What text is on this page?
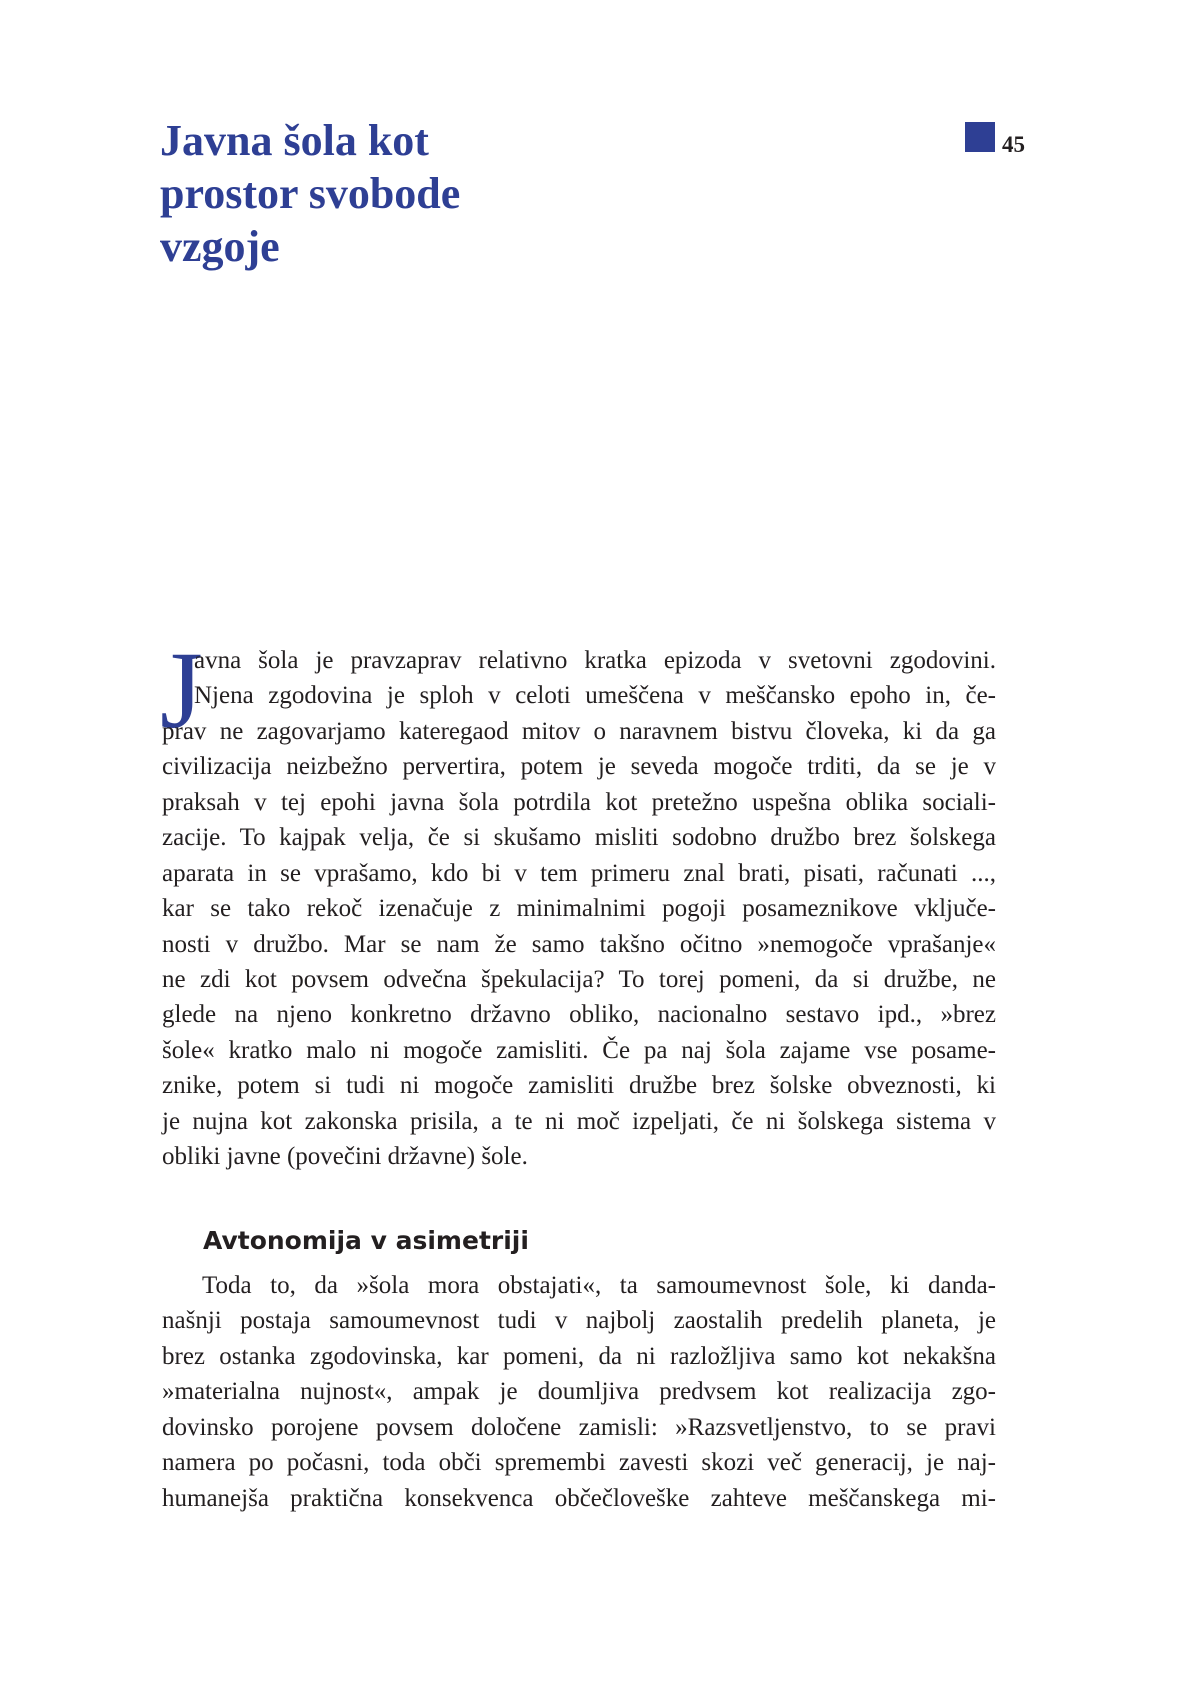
Javna šola kot
prostor svobode
vzgoje
45
J
avna šola je pravzaprav relativno kratka epizoda v svetovni zgodovini.
Njena zgodovina je sploh v celoti umeščena v meščansko epoho in, če-
prav ne zagovarjamo kateregaod mitov o naravnem bistvu človeka, ki da ga
civilizacija neizbežno pervertira, potem je seveda mogoče trditi, da se je v
praksah v tej epohi javna šola potrdila kot pretežno uspešna oblika sociali-
zacije. To kajpak velja, če si skušamo misliti sodobno družbo brez šolskega
aparata in se vprašamo, kdo bi v tem primeru znal brati, pisati, računati ...,
kar se tako rekoč izenačuje z minimalnimi pogoji posameznikove vključe-
nosti v družbo. Mar se nam že samo takšno očitno »nemogoče vprašanje«
ne zdi kot povsem odvečna špekulacija? To torej pomeni, da si družbe, ne
glede na njeno konkretno državno obliko, nacionalno sestavo ipd., »brez
šole« kratko malo ni mogoče zamisliti. Če pa naj šola zajame vse posame-
znike, potem si tudi ni mogoče zamisliti družbe brez šolske obveznosti, ki
je nujna kot zakonska prisila, a te ni moč izpeljati, če ni šolskega sistema v
obliki javne (povečini državne) šole.
Avtonomija v asimetriji
Toda to, da »šola mora obstajati«, ta samoumevnost šole, ki danda-
našnji postaja samoumevnost tudi v najbolj zaostalih predelih planeta, je
brez ostanka zgodovinska, kar pomeni, da ni razložljiva samo kot nekakšna
»materialna nujnost«, ampak je doumljiva predvsem kot realizacija zgo-
dovinsko porojene povsem določene zamisli: »Razsvetljenstvo, to se pravi
namera po počasni, toda obči spremembi zavesti skozi več generacij, je naj-
humanejša praktična konsekvenca občečloveške zahteve meščanskega mi-
